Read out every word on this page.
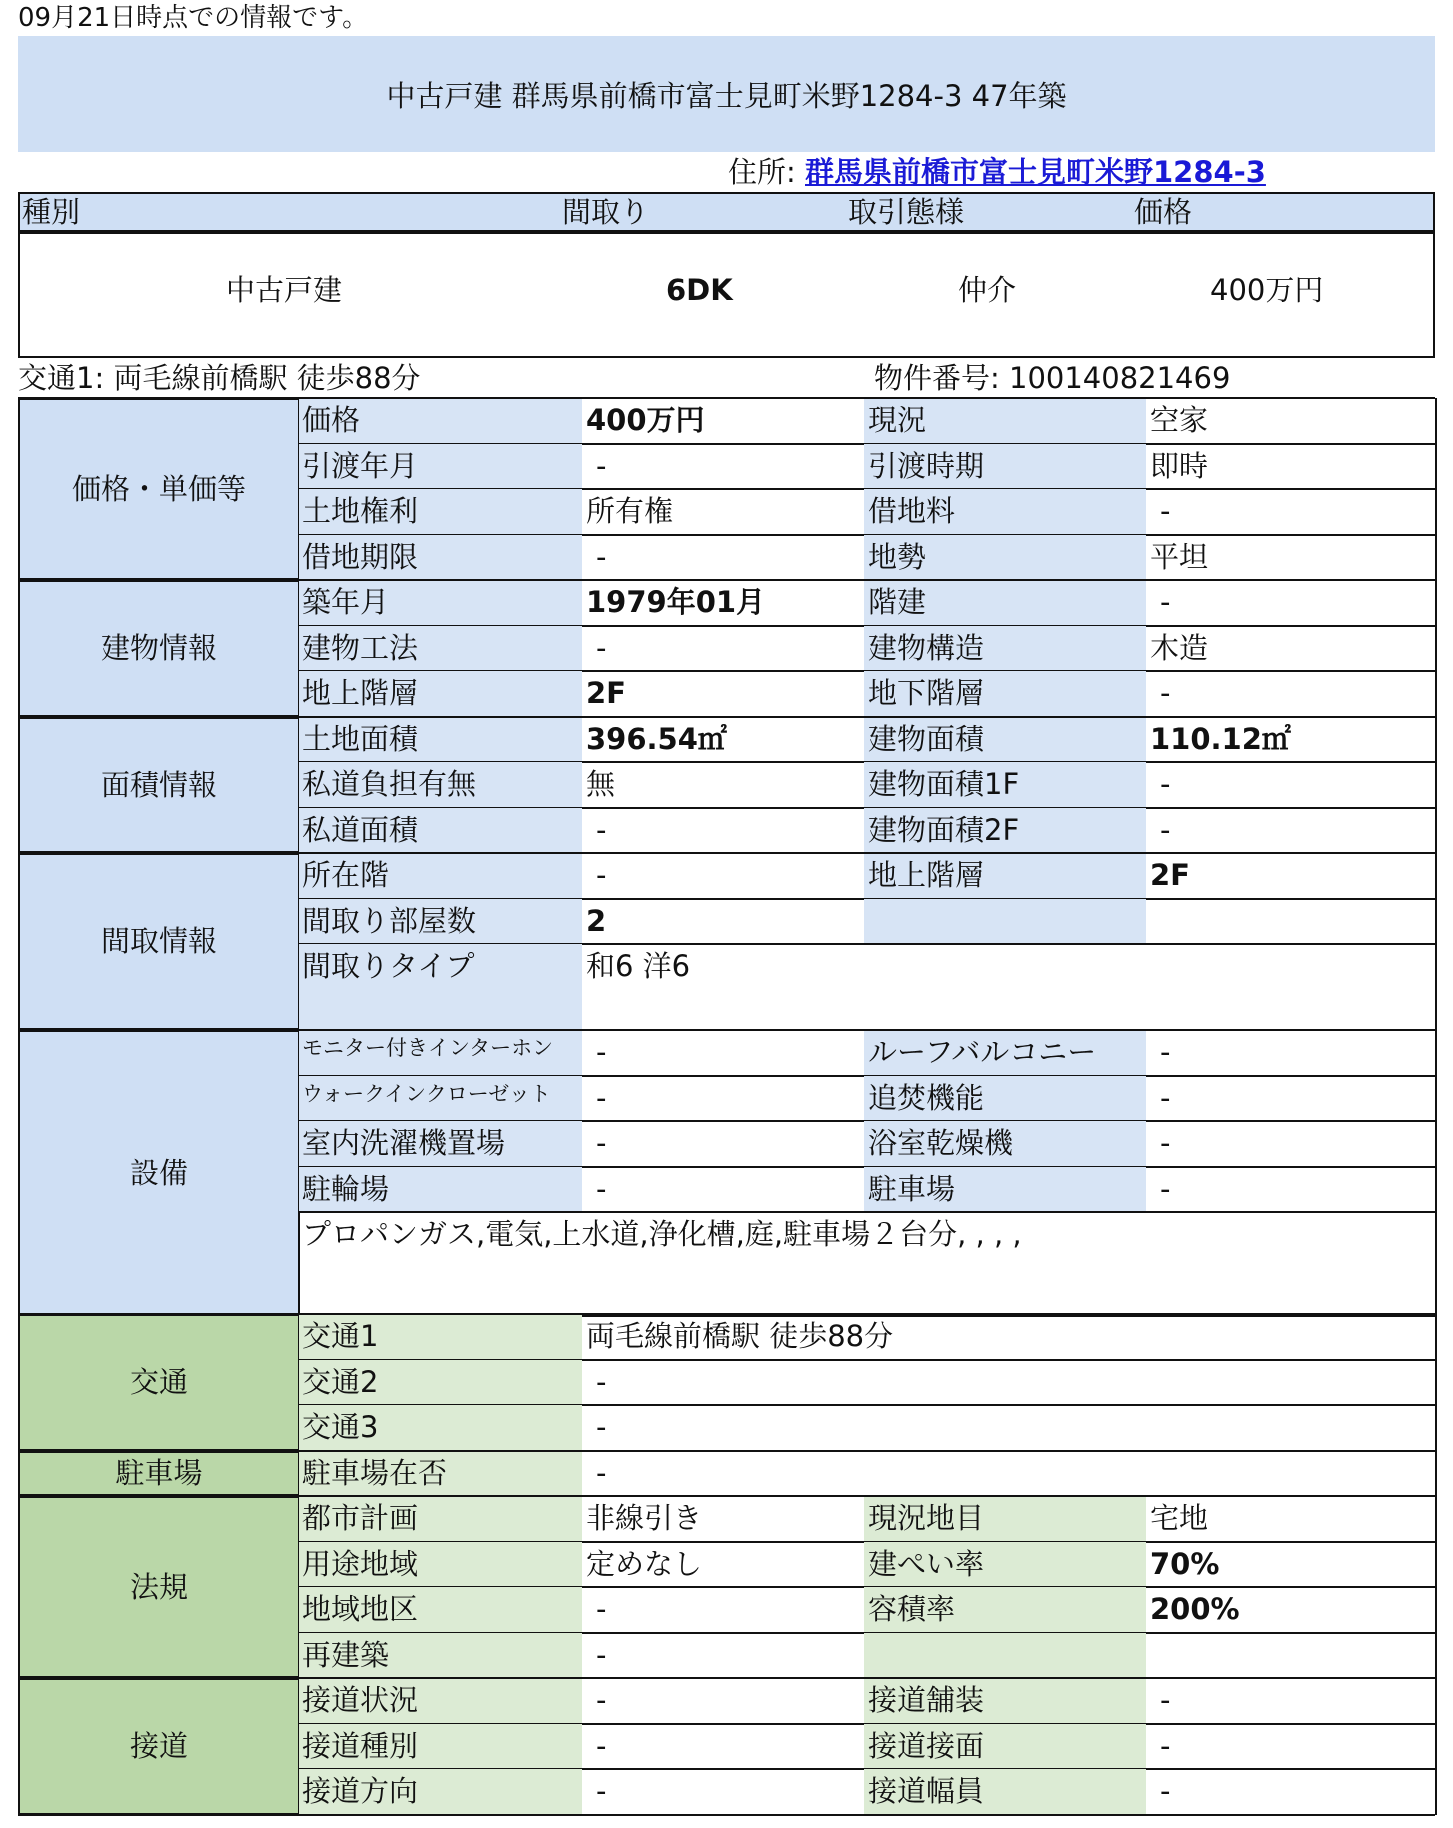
09月21日時点での情報です。
中古戸建 群馬県前橋市富士見町米野1284-3 47年築
住所: 群馬県前橋市富士見町米野1284-3
種別	間取り	取引態様	価格
中古戸建	6DK	仲介	400万円
交通1: 両毛線前橋駅 徒歩88分	物件番号: 100140821469
価格・単価等
価格	400万円	現況	空家
引渡年月	-	引渡時期	即時
土地権利	所有権	借地料	-
借地期限	-	地勢	平坦
建物情報
築年月	1979年01月	階建	-
建物工法	-	建物構造	木造
地上階層	2F	地下階層	-
面積情報
土地面積	396.54㎡	建物面積	110.12㎡
私道負担有無	無	建物面積1F	-
私道面積	-	建物面積2F	-
間取情報
所在階	-	地上階層	2F
間取り部屋数	2
間取りタイプ	和6 洋6
設備
モニター付きインターホン	-	ルーフバルコニー	-
ウォークインクローゼット	-	追焚機能	-
室内洗濯機置場	-	浴室乾燥機	-
駐輪場	-	駐車場	-
プロパンガス,電気,上水道,浄化槽,庭,駐車場２台分, , , ,
交通
交通1	両毛線前橋駅 徒歩88分
交通2	-
交通3	-
駐車場	駐車場在否	-
法規
都市計画	非線引き	現況地目	宅地
用途地域	定めなし	建ぺい率	70%
地域地区	-	容積率	200%
再建築	-
接道
接道状況	-	接道舗装	-
接道種別	-	接道接面	-
接道方向	-	接道幅員	-
